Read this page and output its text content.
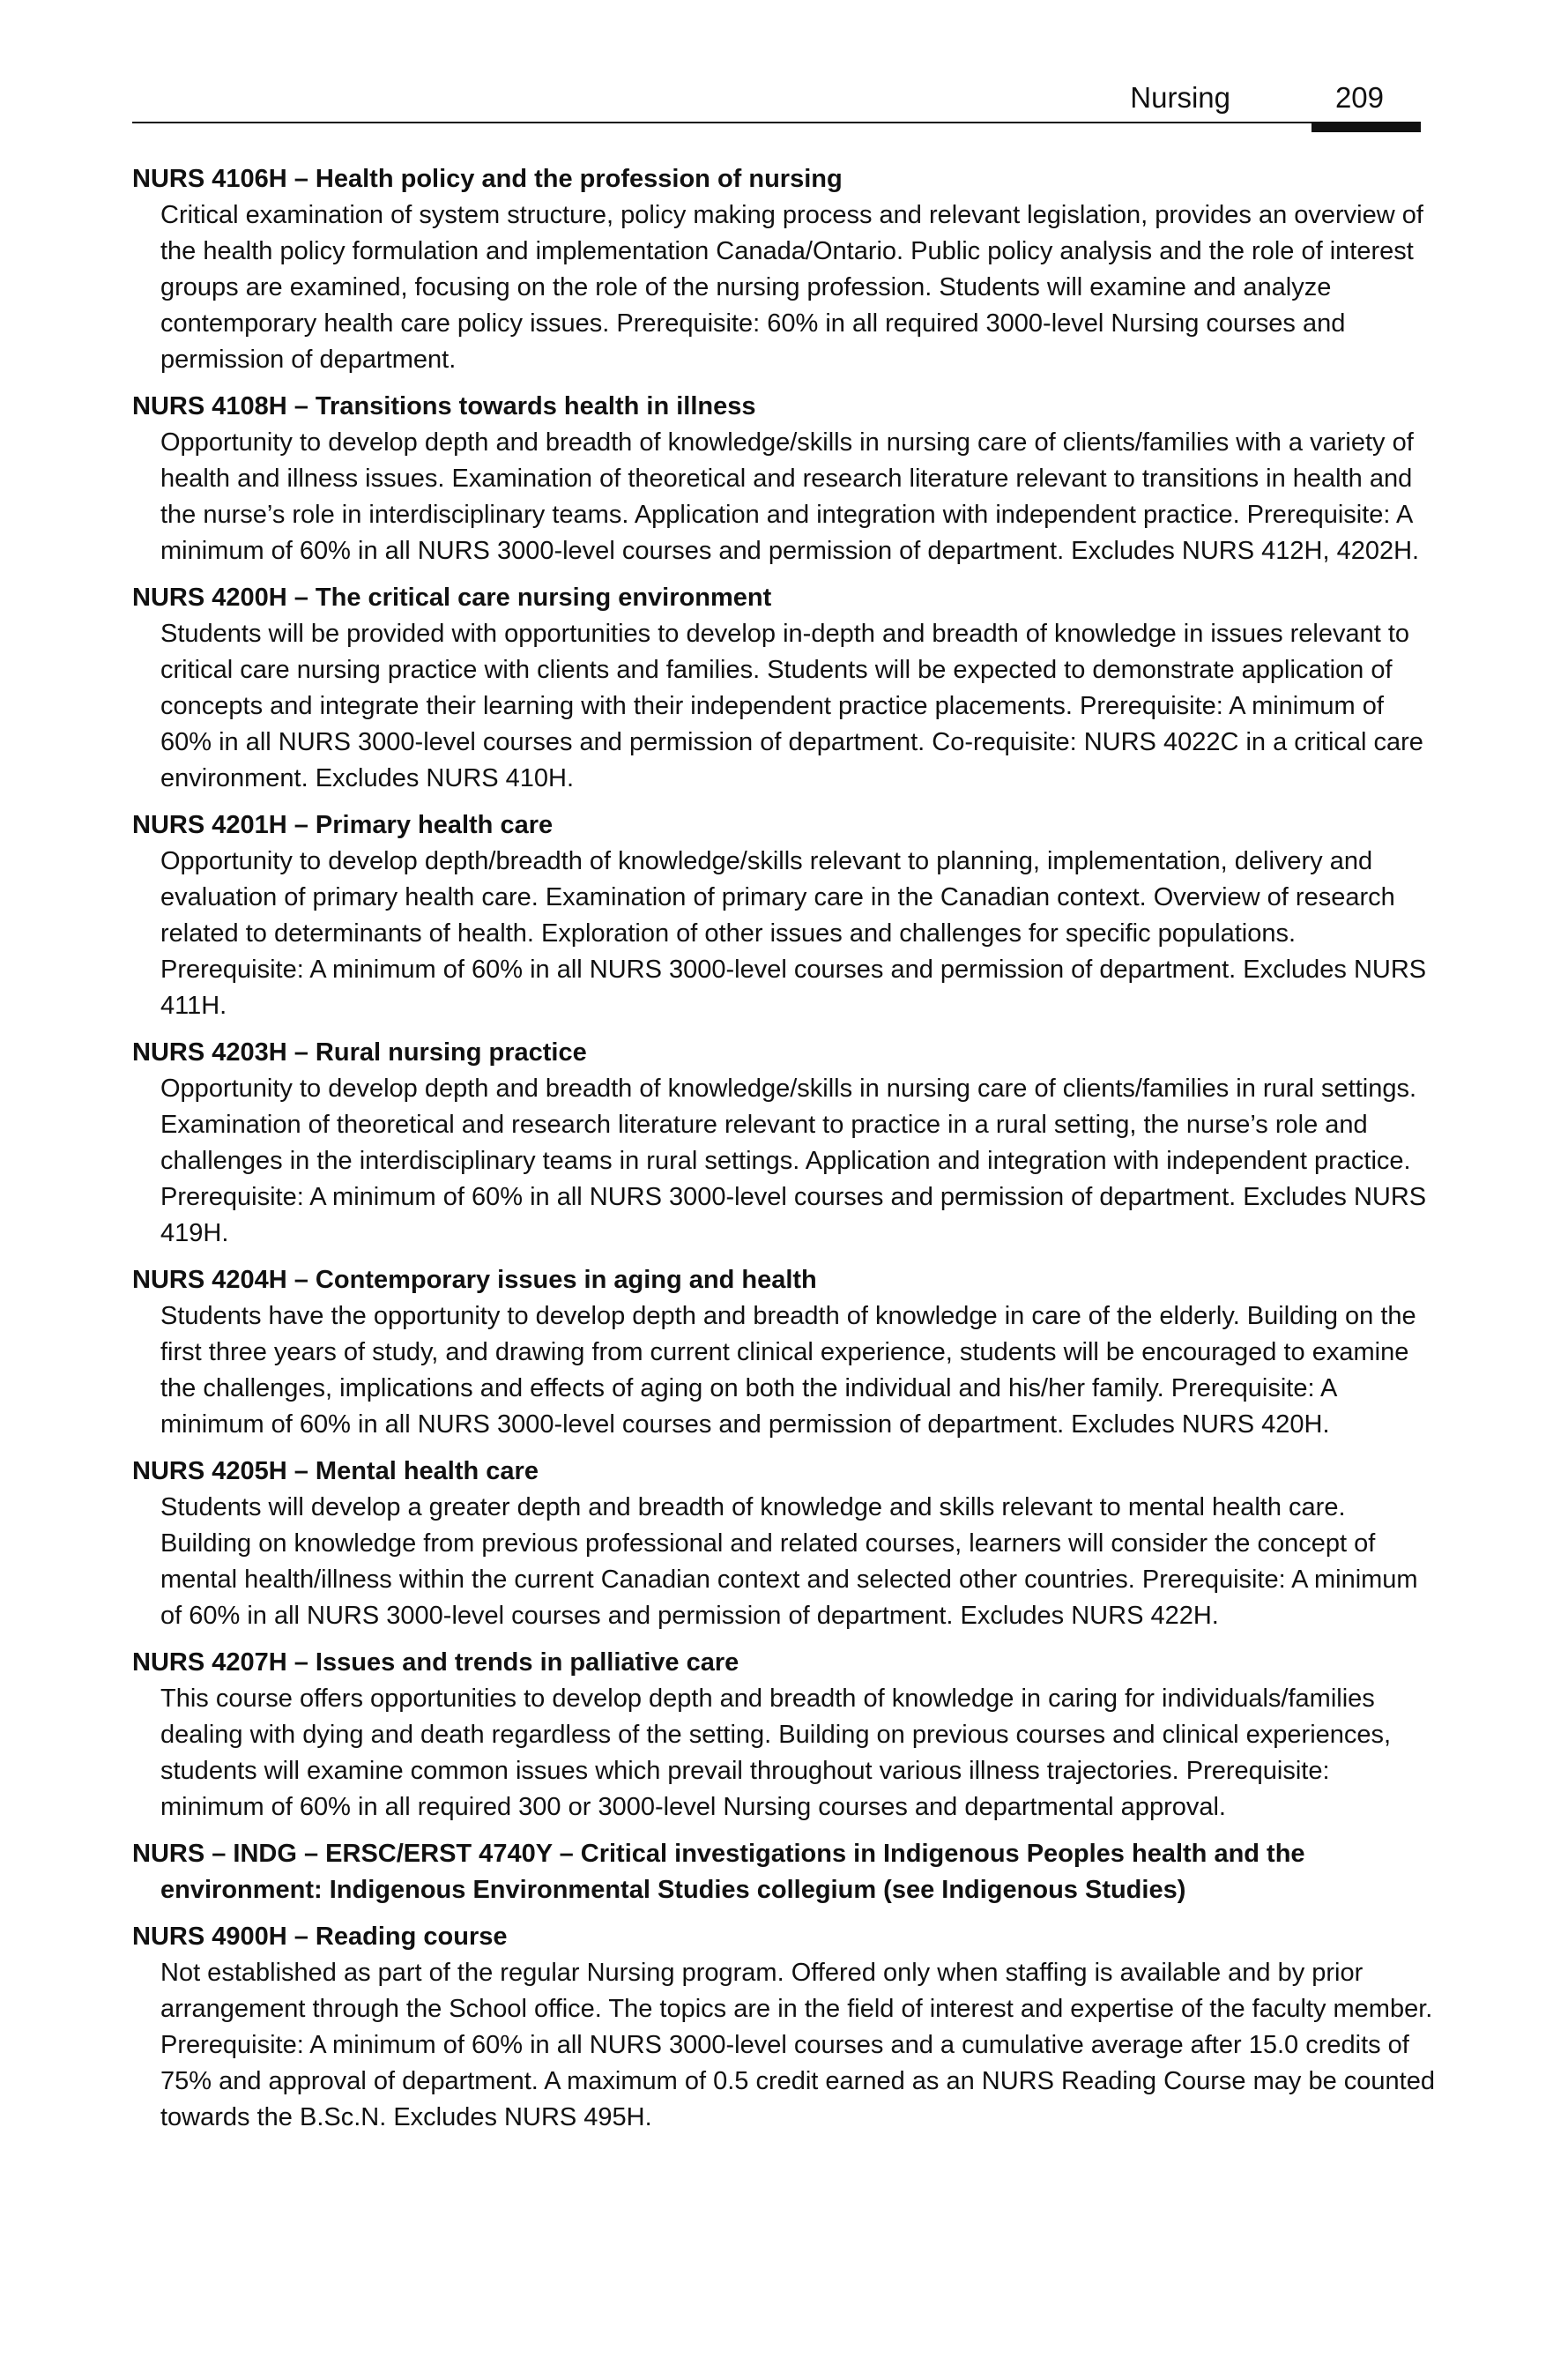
Nursing	209

NURS 4106H – Health policy and the profession of nursing

Critical examination of system structure, policy making process and relevant legislation, provides an overview of the health policy formulation and implementation Canada/Ontario. Public policy analysis and the role of interest groups are examined, focusing on the role of the nursing profession. Students will examine and analyze contemporary health care policy issues. Prerequisite: 60% in all required 3000-level Nursing courses and permission of department.

NURS 4108H – Transitions towards health in illness

Opportunity to develop depth and breadth of knowledge/skills in nursing care of clients/families with a variety of health and illness issues. Examination of theoretical and research literature relevant to transitions in health and the nurse’s role in interdisciplinary teams. Application and integration with independent practice. Prerequisite: A minimum of 60% in all NURS 3000-level courses and permission of department. Excludes NURS 412H, 4202H.

NURS 4200H – The critical care nursing environment

Students will be provided with opportunities to develop in-depth and breadth of knowledge in issues relevant to critical care nursing practice with clients and families. Students will be expected to demonstrate application of concepts and integrate their learning with their independent practice placements. Prerequisite: A minimum of 60% in all NURS 3000-level courses and permission of department. Co-requisite: NURS 4022C in a critical care environment. Excludes NURS 410H.

NURS 4201H – Primary health care

Opportunity to develop depth/breadth of knowledge/skills relevant to planning, implementation, delivery and evaluation of primary health care. Examination of primary care in the Canadian context. Overview of research related to determinants of health. Exploration of other issues and challenges for specific populations. Prerequisite: A minimum of 60% in all NURS 3000-level courses and permission of department. Excludes NURS 411H.

NURS 4203H – Rural nursing practice

Opportunity to develop depth and breadth of knowledge/skills in nursing care of clients/families in rural settings. Examination of theoretical and research literature relevant to practice in a rural setting, the nurse’s role and challenges in the interdisciplinary teams in rural settings. Application and integration with independent practice. Prerequisite: A minimum of 60% in all NURS 3000-level courses and permission of department. Excludes NURS 419H.

NURS 4204H – Contemporary issues in aging and health

Students have the opportunity to develop depth and breadth of knowledge in care of the elderly. Building on the first three years of study, and drawing from current clinical experience, students will be encouraged to examine the challenges, implications and effects of aging on both the individual and his/her family. Prerequisite: A minimum of 60% in all NURS 3000-level courses and permission of department. Excludes NURS 420H.

NURS 4205H – Mental health care

Students will develop a greater depth and breadth of knowledge and skills relevant to mental health care. Building on knowledge from previous professional and related courses, learners will consider the concept of mental health/illness within the current Canadian context and selected other countries. Prerequisite: A minimum of 60% in all NURS 3000-level courses and permission of department. Excludes NURS 422H.

NURS 4207H – Issues and trends in palliative care

This course offers opportunities to develop depth and breadth of knowledge in caring for individuals/families dealing with dying and death regardless of the setting. Building on previous courses and clinical experiences, students will examine common issues which prevail throughout various illness trajectories. Prerequisite: minimum of 60% in all required 300 or 3000-level Nursing courses and departmental approval.

NURS – INDG – ERSC/ERST 4740Y – Critical investigations in Indigenous Peoples health and the environment: Indigenous Environmental Studies collegium (see Indigenous Studies)

NURS 4900H – Reading course

Not established as part of the regular Nursing program. Offered only when staffing is available and by prior arrangement through the School office. The topics are in the field of interest and expertise of the faculty member. Prerequisite: A minimum of 60% in all NURS 3000-level courses and a cumulative average after 15.0 credits of 75% and approval of department. A maximum of 0.5 credit earned as an NURS Reading Course may be counted towards the B.Sc.N. Excludes NURS 495H.
